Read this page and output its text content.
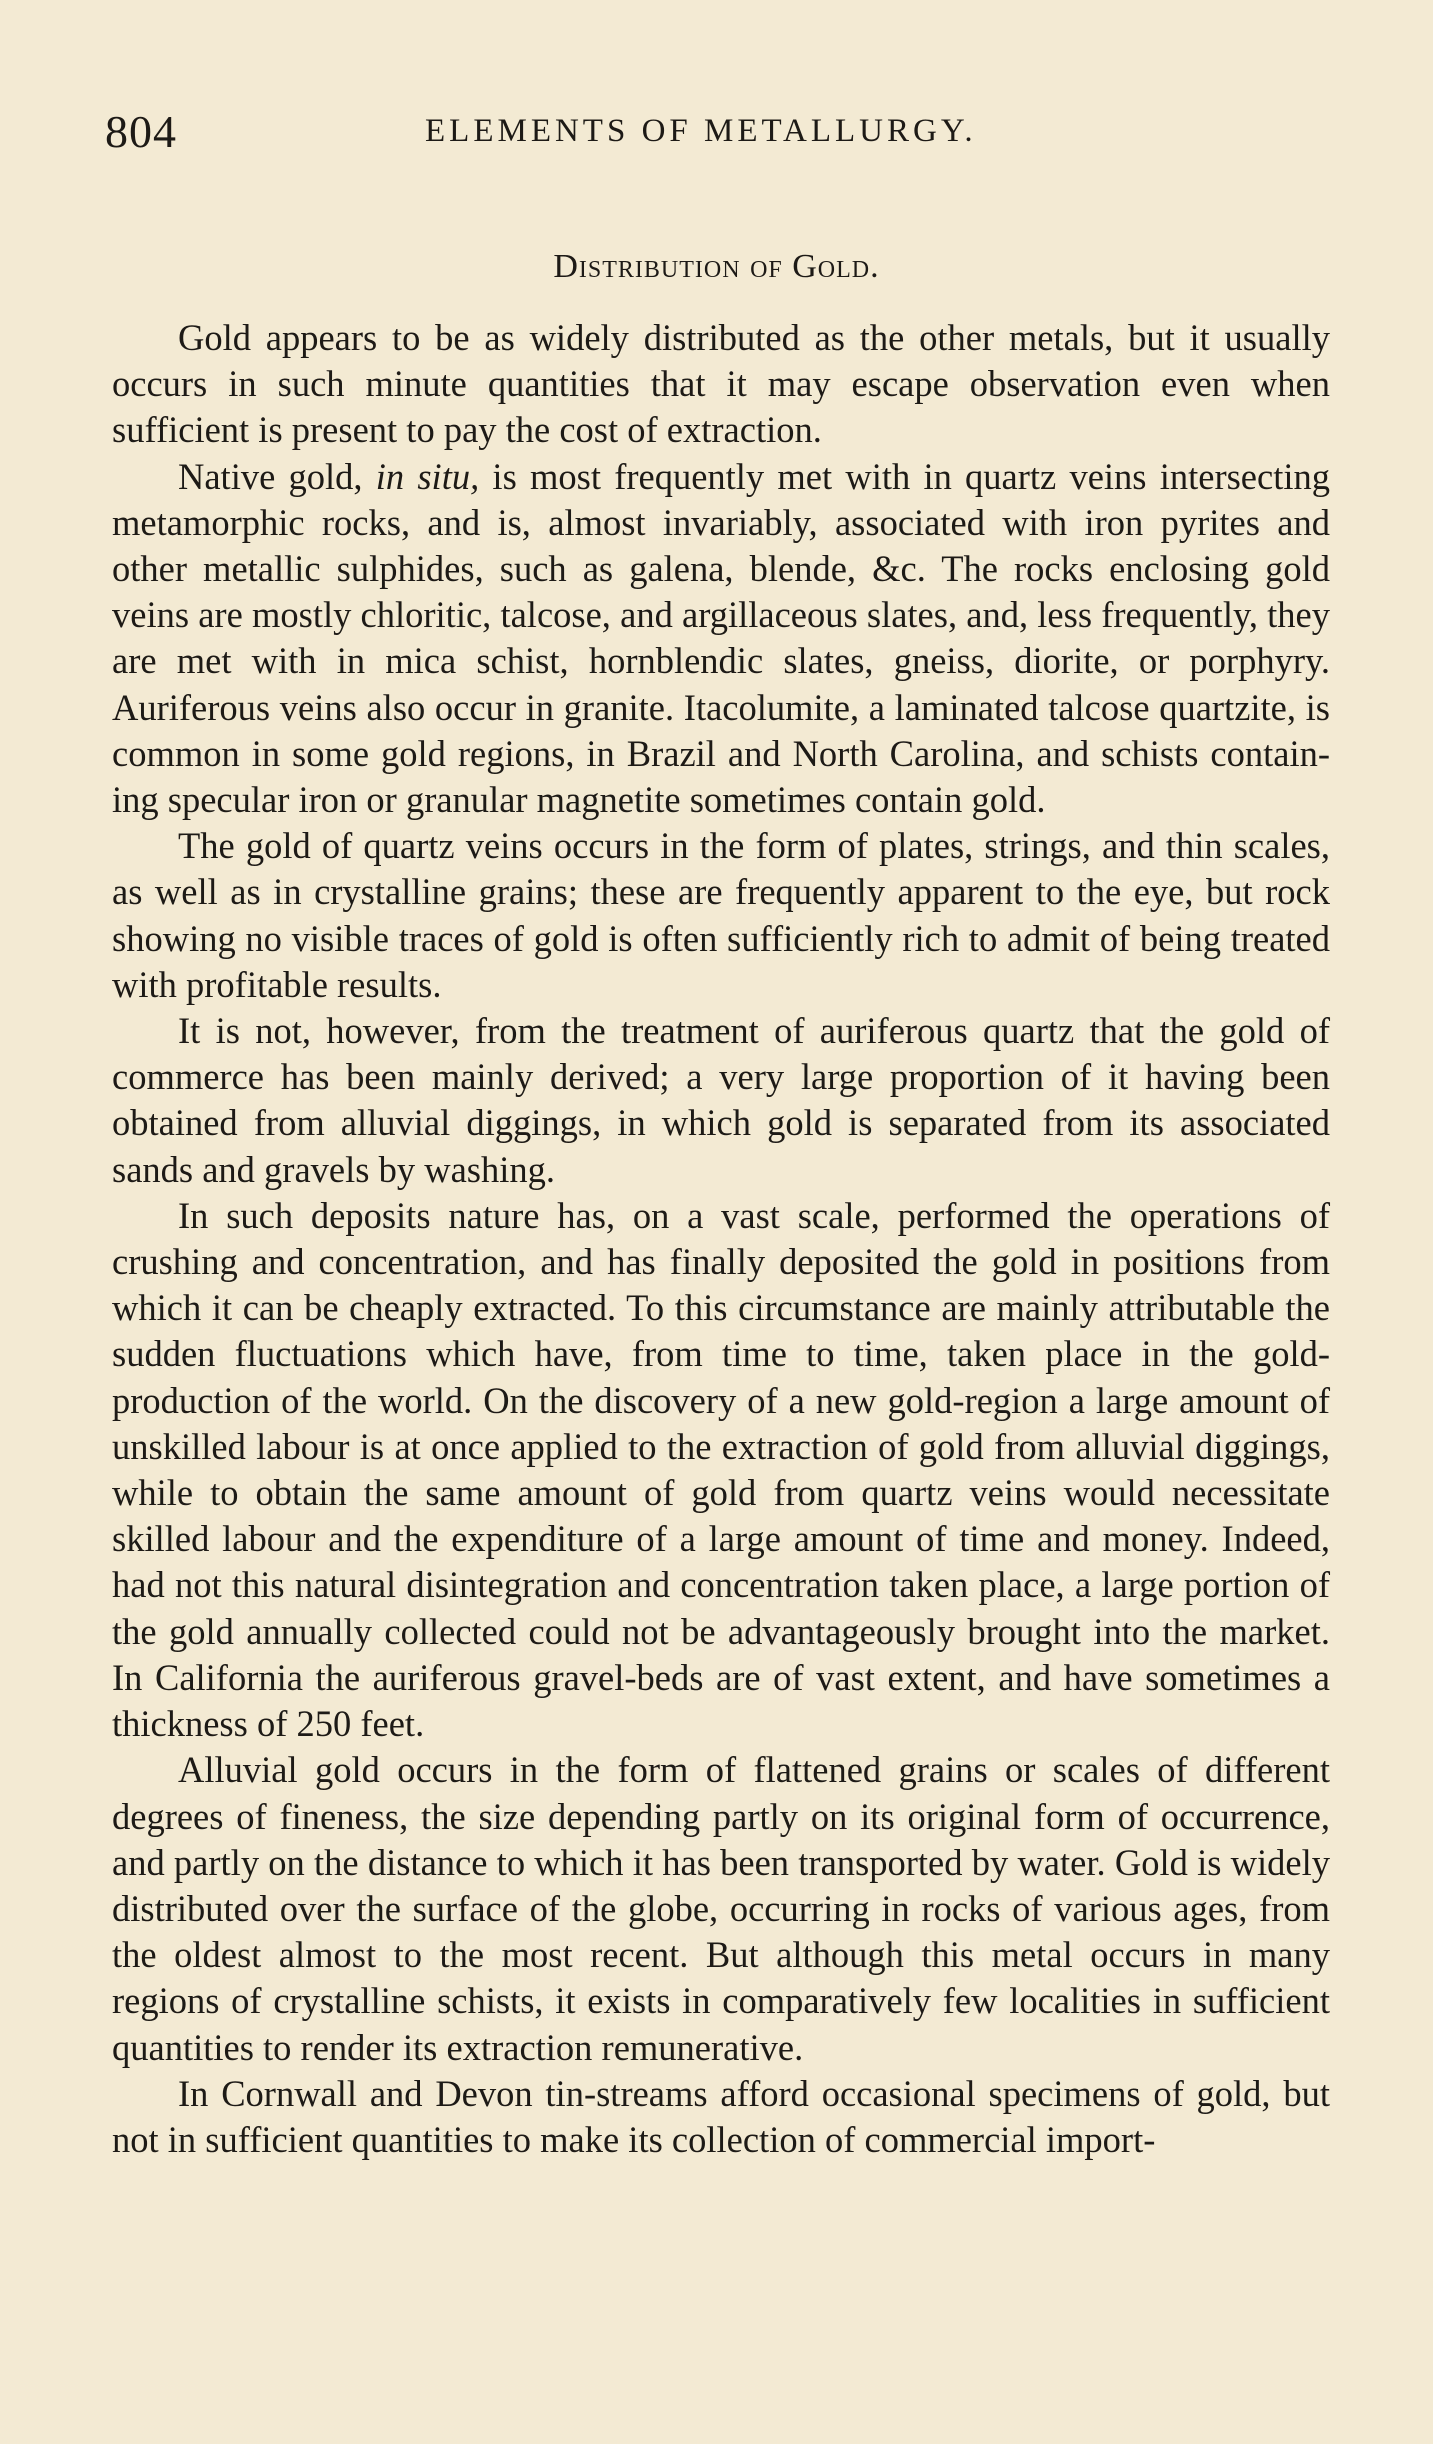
804	ELEMENTS OF METALLURGY.
Distribution of Gold.

Gold appears to be as widely distributed as the other metals, but it usually occurs in such minute quantities that it may escape observation even when sufficient is present to pay the cost of extraction.

Native gold, in situ, is most frequently met with in quartz veins intersecting metamorphic rocks, and is, almost invariably, associated with iron pyrites and other metallic sulphides, such as galena, blende, &c. The rocks enclosing gold veins are mostly chloritic, talcose, and argillaceous slates, and, less frequently, they are met with in mica schist, hornblendic slates, gneiss, diorite, or porphyry. Auriferous veins also occur in granite. Itacolumite, a laminated talcose quartzite, is common in some gold regions, in Brazil and North Carolina, and schists containing specular iron or granular magnetite sometimes contain gold.

The gold of quartz veins occurs in the form of plates, strings, and thin scales, as well as in crystalline grains; these are frequently apparent to the eye, but rock showing no visible traces of gold is often sufficiently rich to admit of being treated with profitable results.

It is not, however, from the treatment of auriferous quartz that the gold of commerce has been mainly derived; a very large proportion of it having been obtained from alluvial diggings, in which gold is separated from its associated sands and gravels by washing.

In such deposits nature has, on a vast scale, performed the operations of crushing and concentration, and has finally deposited the gold in positions from which it can be cheaply extracted. To this circumstance are mainly attributable the sudden fluctuations which have, from time to time, taken place in the gold-production of the world. On the discovery of a new gold-region a large amount of unskilled labour is at once applied to the extraction of gold from alluvial diggings, while to obtain the same amount of gold from quartz veins would necessitate skilled labour and the expenditure of a large amount of time and money. Indeed, had not this natural disintegration and concentration taken place, a large portion of the gold annually collected could not be advantageously brought into the market. In California the auriferous gravel-beds are of vast extent, and have sometimes a thickness of 250 feet.

Alluvial gold occurs in the form of flattened grains or scales of different degrees of fineness, the size depending partly on its original form of occurrence, and partly on the distance to which it has been transported by water. Gold is widely distributed over the surface of the globe, occurring in rocks of various ages, from the oldest almost to the most recent. But although this metal occurs in many regions of crystalline schists, it exists in comparatively few localities in sufficient quantities to render its extraction remunerative.

In Cornwall and Devon tin-streams afford occasional specimens of gold, but not in sufficient quantities to make its collection of commercial import-
